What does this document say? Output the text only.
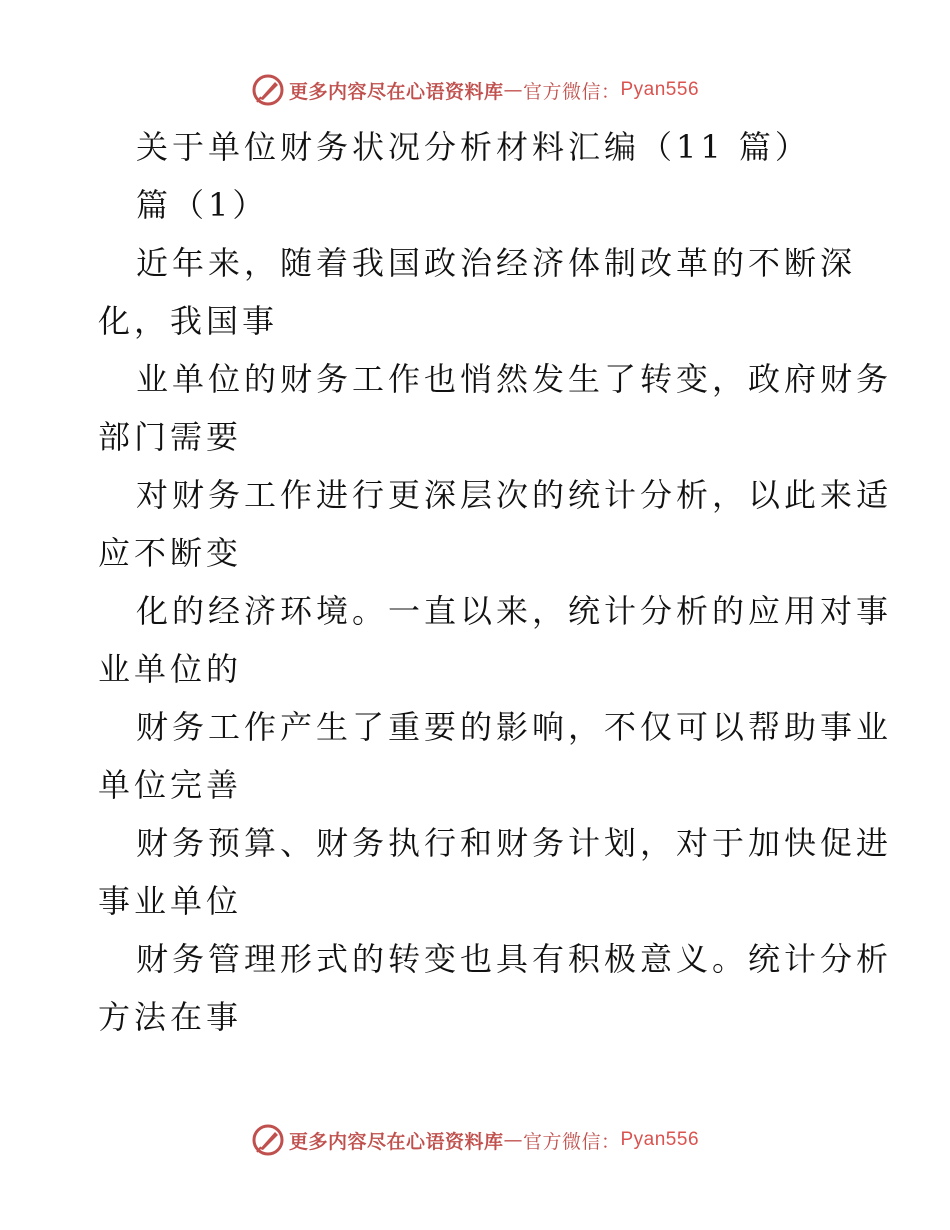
更多内容尽在心语资料库 — 官方微信： Pyan556

关于单位财务状况分析材料汇编（11 篇）

篇（1）

近年来，随着我国政治经济体制改革的不断深

化，我国事

业单位的财务工作也悄然发生了转变，政府财务

部门需要

对财务工作进行更深层次的统计分析，以此来适

应不断变

化的经济环境。一直以来，统计分析的应用对事

业单位的

财务工作产生了重要的影响，不仅可以帮助事业

单位完善

财务预算、财务执行和财务计划，对于加快促进

事业单位

财务管理形式的转变也具有积极意义。统计分析

方法在事

更多内容尽在心语资料库 — 官方微信： Pyan556
